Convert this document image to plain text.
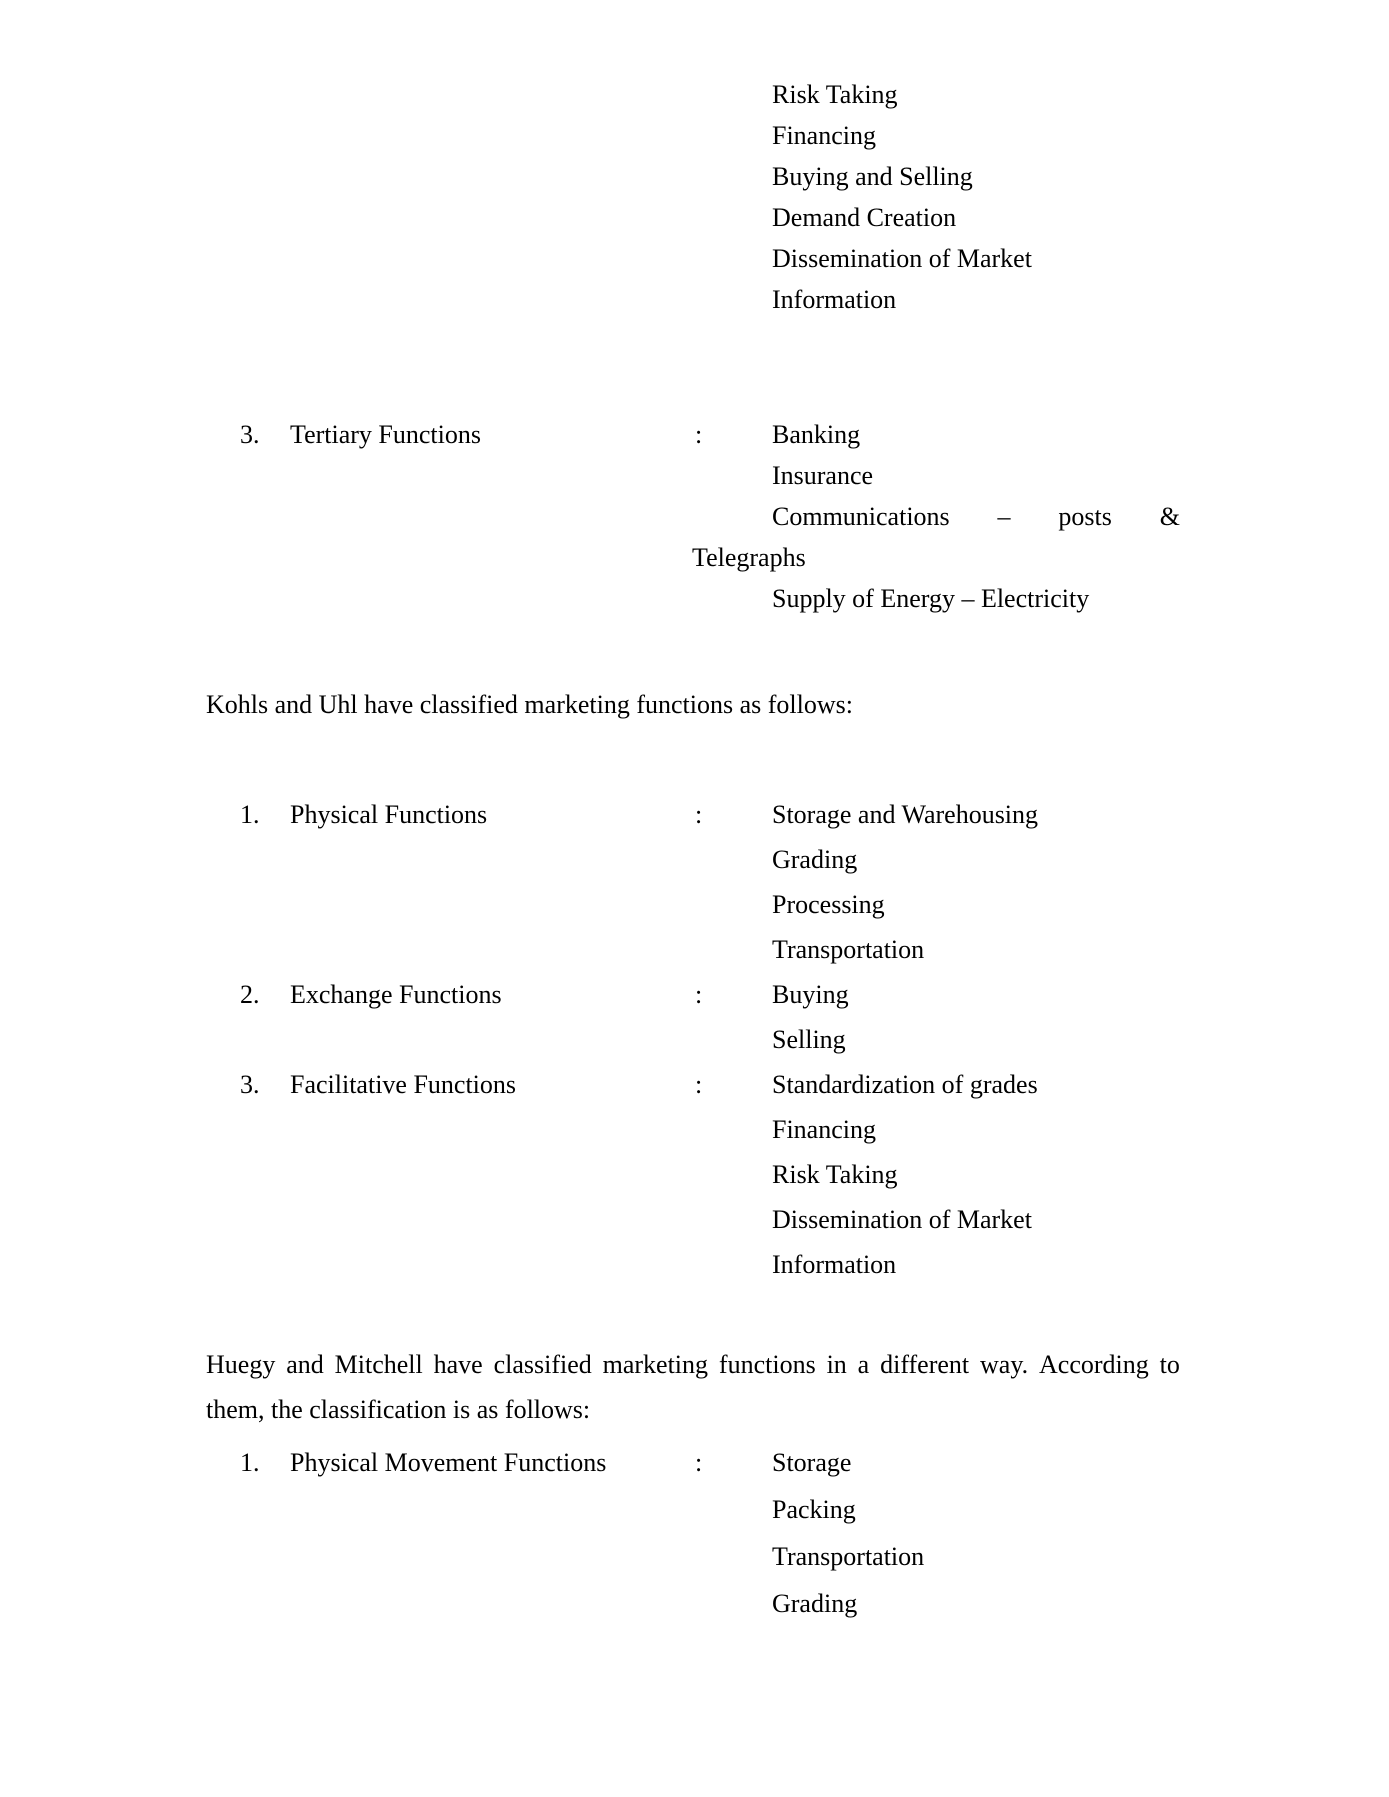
Risk Taking
Financing
Buying and Selling
Demand Creation
Dissemination of Market
Information
3. Tertiary Functions	:	Banking
Insurance
Communications – posts &
Telegraphs
Supply of Energy – Electricity
Kohls and Uhl have classified marketing functions as follows:
1. Physical Functions	:	Storage and Warehousing
Grading
Processing
Transportation
2. Exchange Functions	:	Buying
Selling
3. Facilitative Functions	:	Standardization of grades
Financing
Risk Taking
Dissemination of Market
Information
Huegy and Mitchell have classified marketing functions in a different way. According to
them, the classification is as follows:
1. Physical Movement Functions	:	Storage
Packing
Transportation
Grading
